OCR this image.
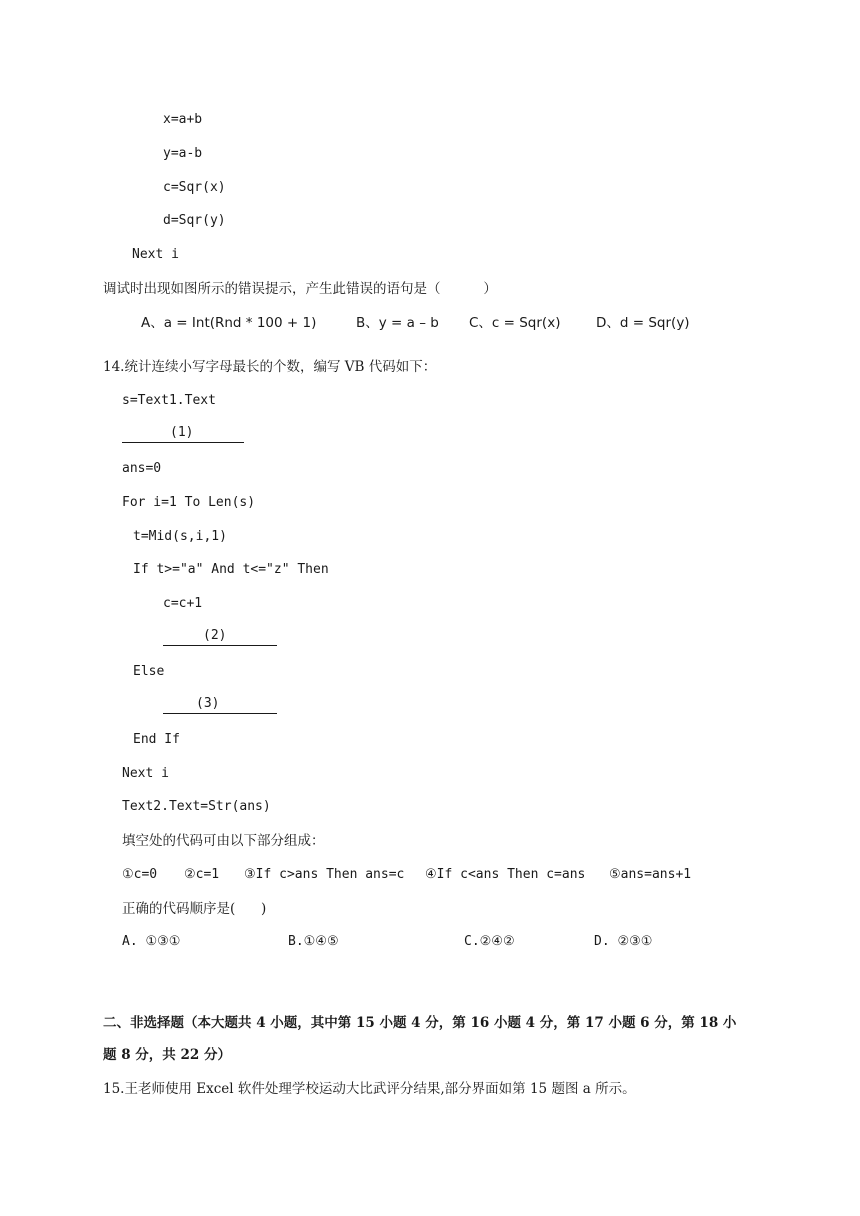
x=a+b
y=a-b
c=Sqr(x)
d=Sqr(y)
Next i
调试时出现如图所示的错误提示，产生此错误的语句是（          ）
A、a = Int(Rnd * 100 + 1)	B、y = a – b C、c = Sqr(x)	D、d = Sqr(y)
14.统计连续小写字母最长的个数，编写 VB 代码如下：
s=Text1.Text
(1)
ans=0
For i=1 To Len(s)
t=Mid(s,i,1)
If t>="a" And t<="z" Then
c=c+1
(2)
Else
(3)
End If
Next i
Text2.Text=Str(ans)
填空处的代码可由以下部分组成：
①c=0 ②c=1 ③If c>ans Then ans=c ④If c<ans Then c=ans ⑤ans=ans+1
正确的代码顺序是(      )
A. ①③①	B.①④⑤	C.②④②	D. ②③①
二、非选择题（本大题共 4 小题，其中第 15 小题 4 分，第 16 小题 4 分，第 17 小题 6 分，第 18 小
题 8 分，共 22 分）
15.王老师使用 Excel 软件处理学校运动大比武评分结果,部分界面如第 15 题图 a 所示。
